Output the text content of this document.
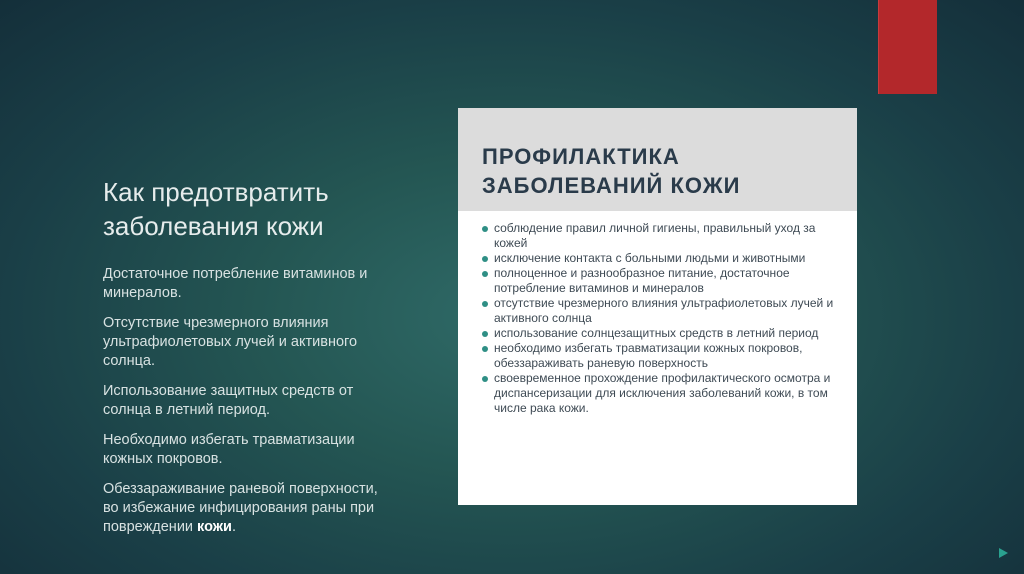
Как предотвратить заболевания кожи
Достаточное потребление витаминов и минералов.
Отсутствие чрезмерного влияния ультрафиолетовых лучей и активного солнца.
Использование защитных средств от солнца в летний период.
Необходимо избегать травматизации кожных покровов.
Обеззараживание раневой поверхности, во избежание инфицирования раны при повреждении кожи.
ПРОФИЛАКТИКА
ЗАБОЛЕВАНИЙ КОЖИ
соблюдение правил личной гигиены, правильный уход за кожей
исключение контакта с больными людьми и животными
полноценное и разнообразное питание, достаточное потребление витаминов и минералов
отсутствие чрезмерного влияния ультрафиолетовых лучей и активного солнца
использование солнцезащитных средств в летний период
необходимо избегать травматизации кожных покровов, обеззараживать раневую поверхность
своевременное прохождение профилактического осмотра и диспансеризации для исключения заболеваний кожи, в том числе рака кожи.
